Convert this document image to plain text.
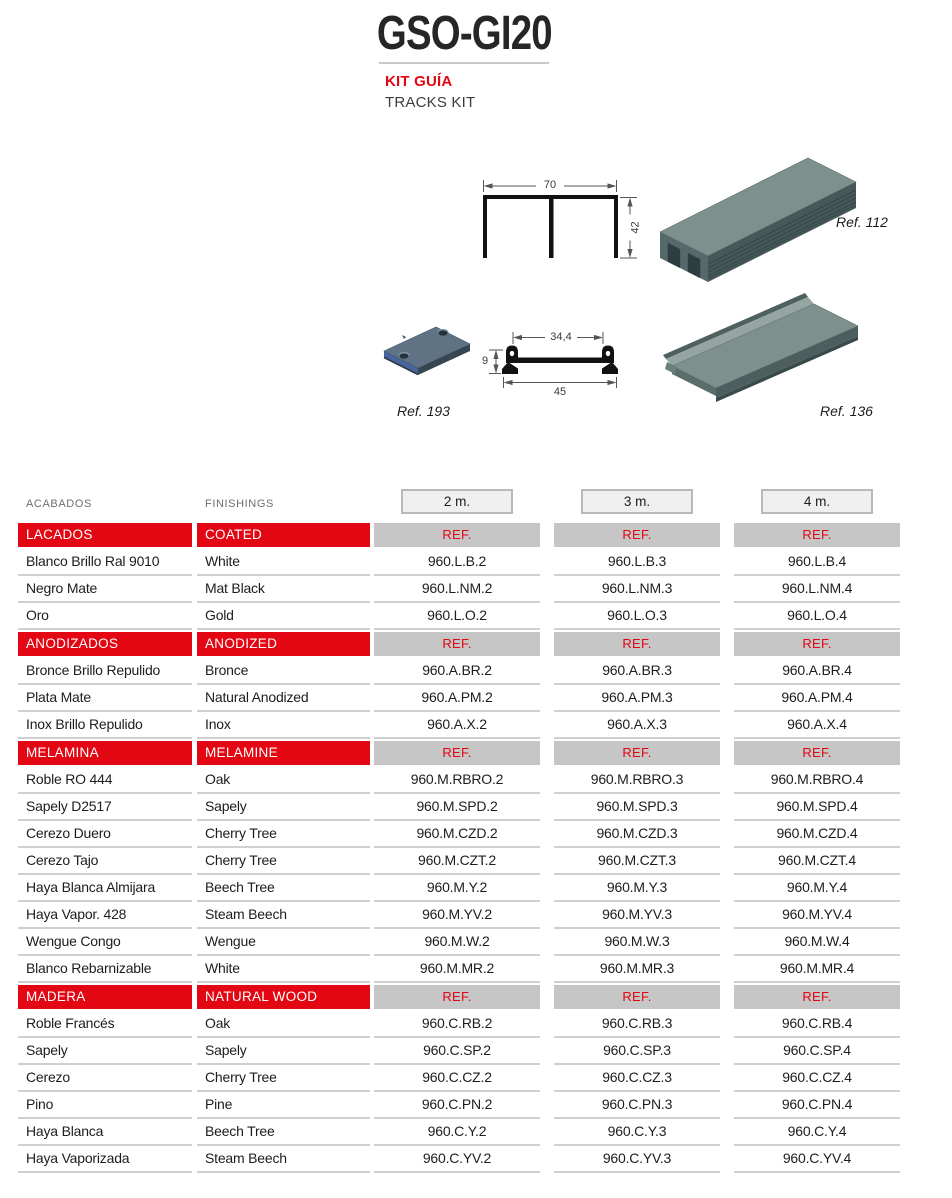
GSO-GI20
KIT GUÍA
TRACKS KIT
70
42
34,4
9
45
Ref. 112
Ref. 193	Ref. 136
ACABADOS	FINISHINGS	2 m.	3 m.	4 m.
LACADOS	COATED	REF.	REF.	REF.
Blanco Brillo Ral 9010	White	960.L.B.2	960.L.B.3	960.L.B.4
Negro Mate	Mat Black	960.L.NM.2	960.L.NM.3	960.L.NM.4
Oro	Gold	960.L.O.2	960.L.O.3	960.L.O.4
ANODIZADOS	ANODIZED	REF.	REF.	REF.
Bronce Brillo Repulido	Bronce	960.A.BR.2	960.A.BR.3	960.A.BR.4
Plata Mate	Natural Anodized	960.A.PM.2	960.A.PM.3	960.A.PM.4
Inox Brillo Repulido	Inox	960.A.X.2	960.A.X.3	960.A.X.4
MELAMINA	MELAMINE	REF.	REF.	REF.
Roble RO 444	Oak	960.M.RBRO.2	960.M.RBRO.3	960.M.RBRO.4
Sapely D2517	Sapely	960.M.SPD.2	960.M.SPD.3	960.M.SPD.4
Cerezo Duero	Cherry Tree	960.M.CZD.2	960.M.CZD.3	960.M.CZD.4
Cerezo Tajo	Cherry Tree	960.M.CZT.2	960.M.CZT.3	960.M.CZT.4
Haya Blanca Almijara	Beech Tree	960.M.Y.2	960.M.Y.3	960.M.Y.4
Haya Vapor. 428	Steam Beech	960.M.YV.2	960.M.YV.3	960.M.YV.4
Wengue Congo	Wengue	960.M.W.2	960.M.W.3	960.M.W.4
Blanco Rebarnizable	White	960.M.MR.2	960.M.MR.3	960.M.MR.4
MADERA	NATURAL WOOD	REF.	REF.	REF.
Roble Francés	Oak	960.C.RB.2	960.C.RB.3	960.C.RB.4
Sapely	Sapely	960.C.SP.2	960.C.SP.3	960.C.SP.4
Cerezo	Cherry Tree	960.C.CZ.2	960.C.CZ.3	960.C.CZ.4
Pino	Pine	960.C.PN.2	960.C.PN.3	960.C.PN.4
Haya Blanca	Beech Tree	960.C.Y.2	960.C.Y.3	960.C.Y.4
Haya Vaporizada	Steam Beech	960.C.YV.2	960.C.YV.3	960.C.YV.4
